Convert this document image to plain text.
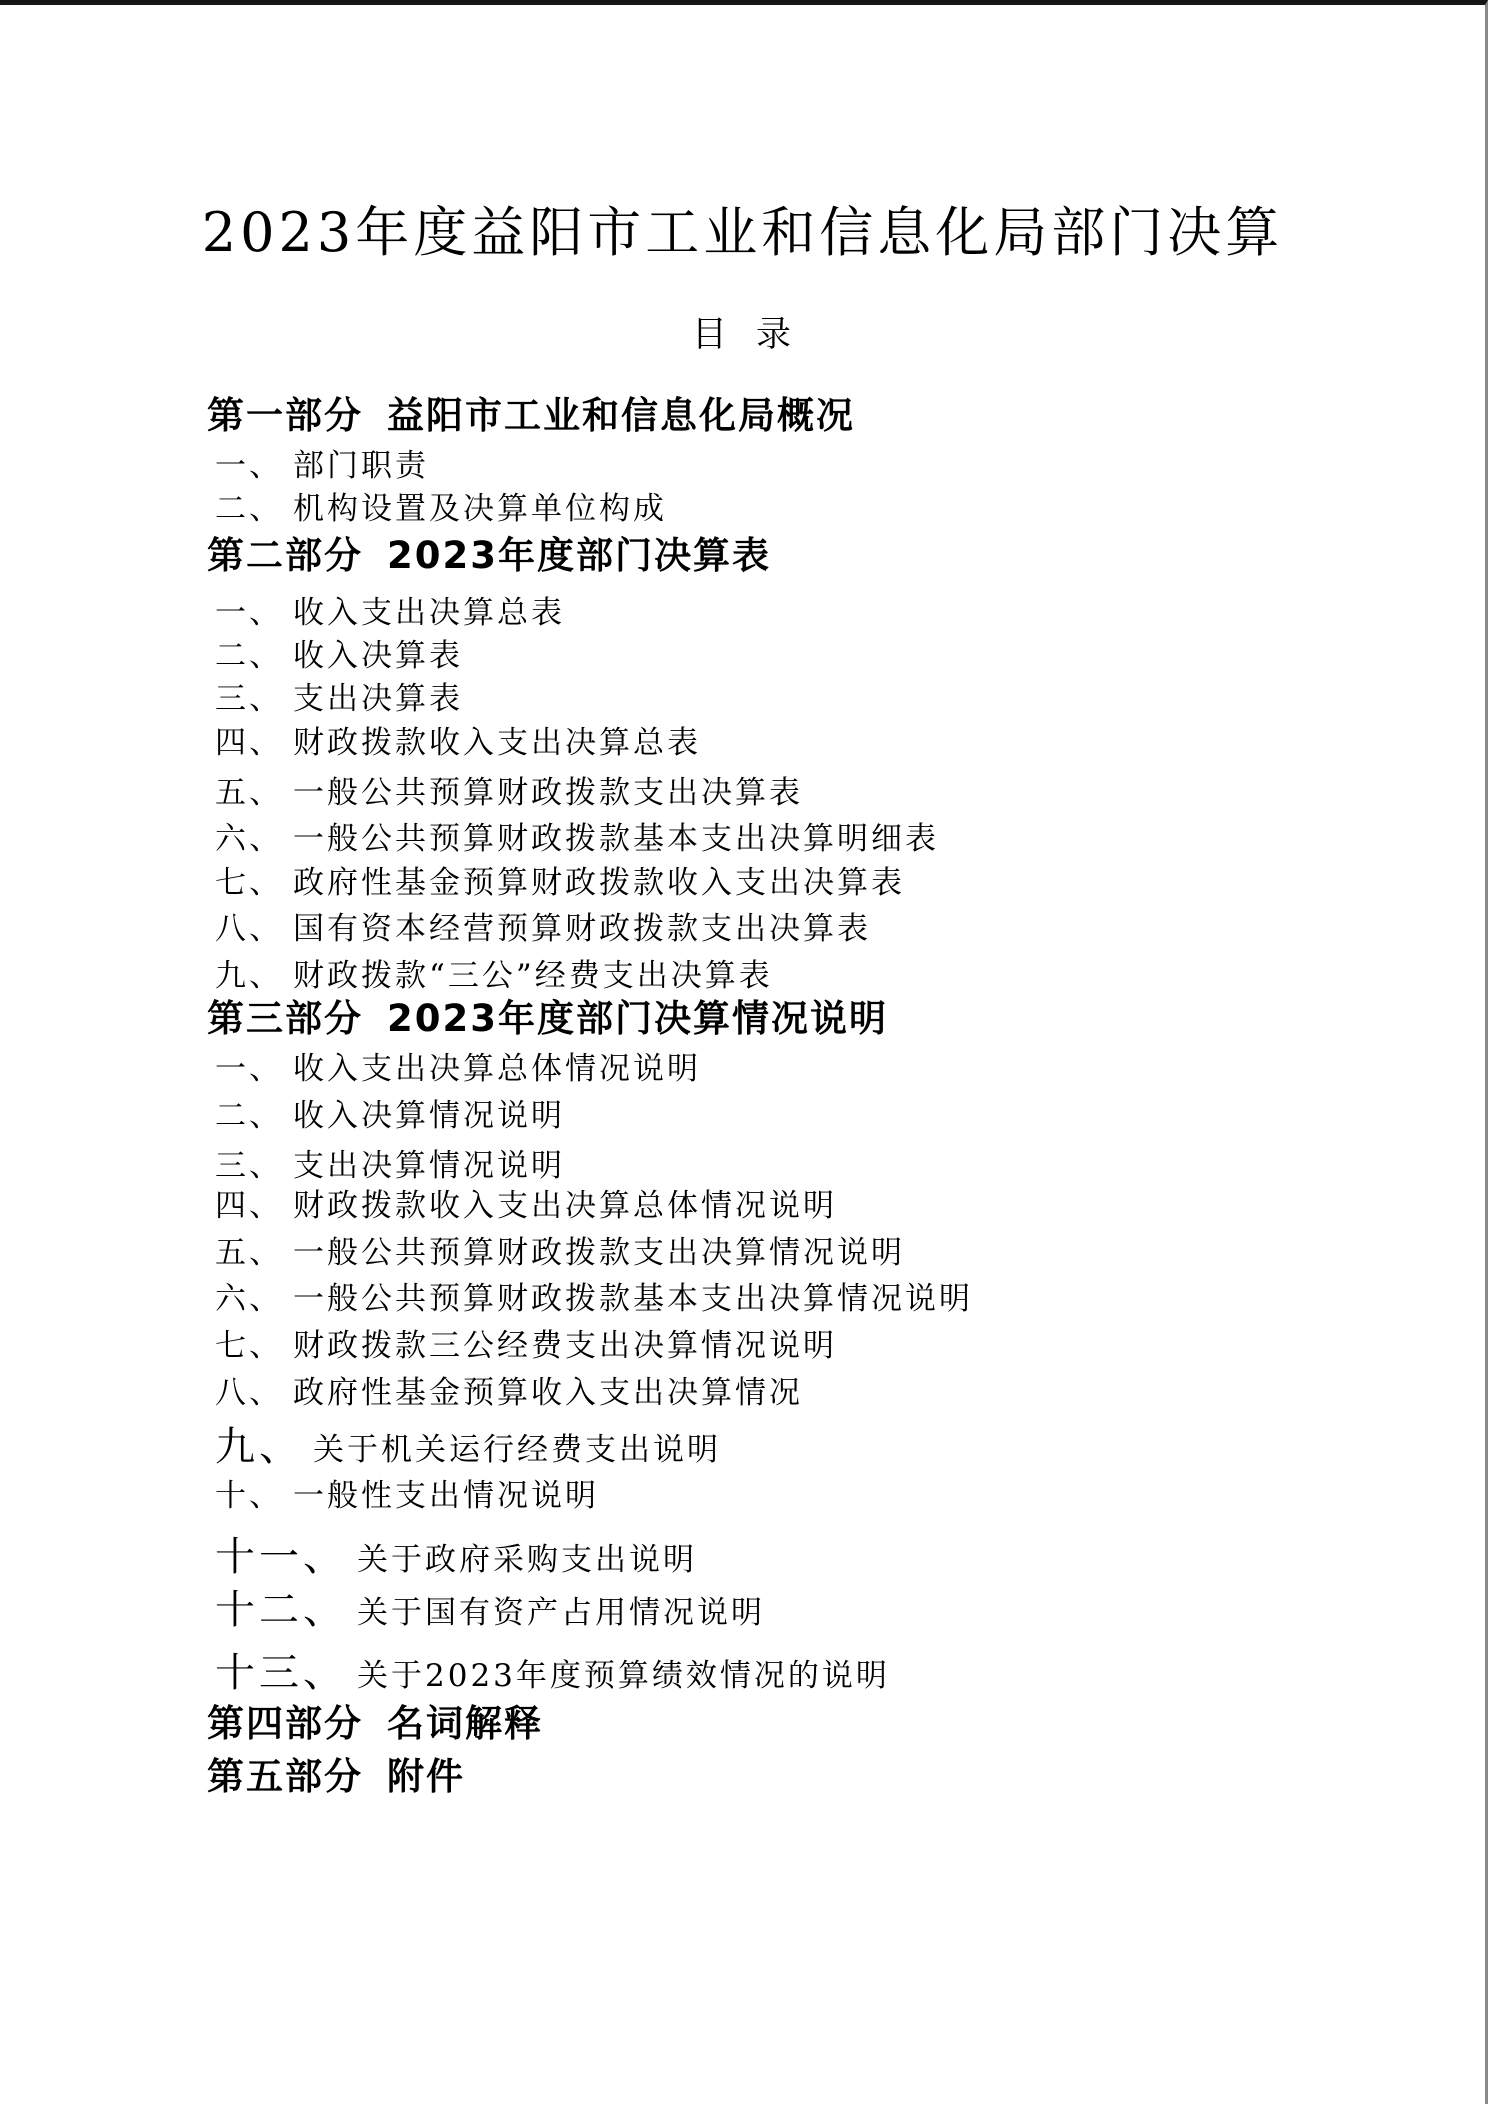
2023年度益阳市工业和信息化局部门决算
目 录
第一部分 益阳市工业和信息化局概况
一、 部门职责
二、 机构设置及决算单位构成
第二部分 2023年度部门决算表
一、 收入支出决算总表
二、 收入决算表
三、 支出决算表
四、 财政拨款收入支出决算总表
五、 一般公共预算财政拨款支出决算表
六、 一般公共预算财政拨款基本支出决算明细表
七、 政府性基金预算财政拨款收入支出决算表
八、 国有资本经营预算财政拨款支出决算表
九、 财政拨款“三公”经费支出决算表
第三部分 2023年度部门决算情况说明
一、 收入支出决算总体情况说明
二、 收入决算情况说明
三、 支出决算情况说明
四、 财政拨款收入支出决算总体情况说明
五、 一般公共预算财政拨款支出决算情况说明
六、 一般公共预算财政拨款基本支出决算情况说明
七、 财政拨款三公经费支出决算情况说明
八、 政府性基金预算收入支出决算情况
九、 关于机关运行经费支出说明
十、 一般性支出情况说明
十一、 关于政府采购支出说明
十二、 关于国有资产占用情况说明
十三、 关于2023年度预算绩效情况的说明
第四部分 名词解释
第五部分 附件
